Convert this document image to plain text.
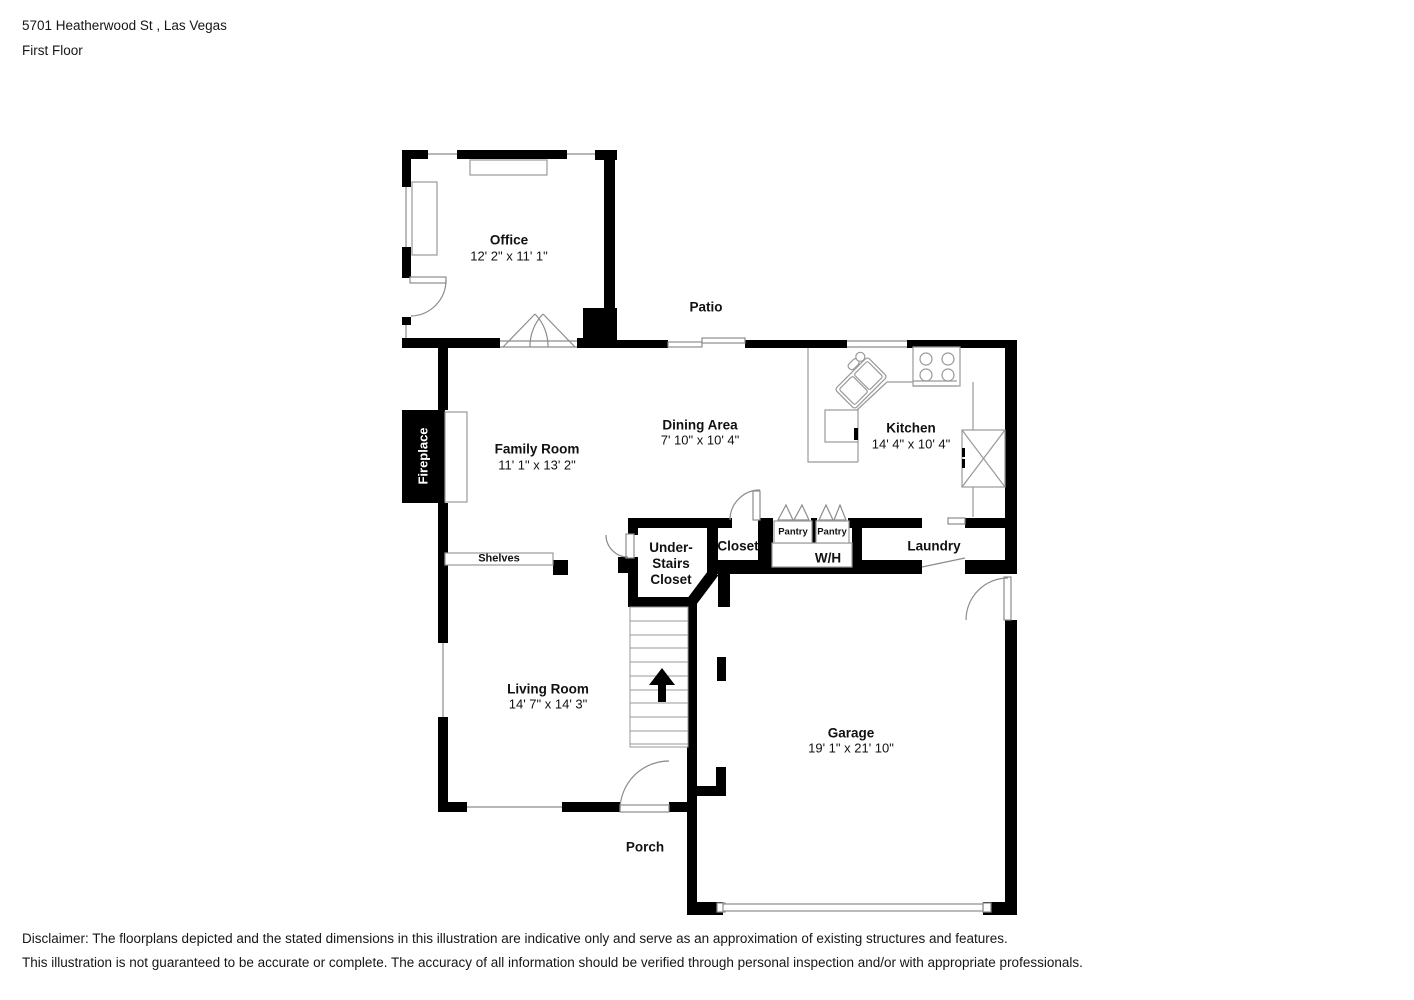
5701 Heatherwood St , Las Vegas
First Floor
Office
12' 2" x 11' 1"
Patio
Family Room
11' 1" x 13' 2"
Dining Area
7' 10" x 10' 4"
Kitchen
14' 4" x 10' 4"
Fireplace
Shelves
Under-
Stairs
Closet
Closet
Pantry Pantry
W/H
Laundry
Living Room
14' 7" x 14' 3"
Garage
19' 1" x 21' 10"
Porch
Disclaimer: The floorplans depicted and the stated dimensions in this illustration are indicative only and serve as an approximation of existing structures and features.
This illustration is not guaranteed to be accurate or complete. The accuracy of all information should be verified through personal inspection and/or with appropriate professionals.
